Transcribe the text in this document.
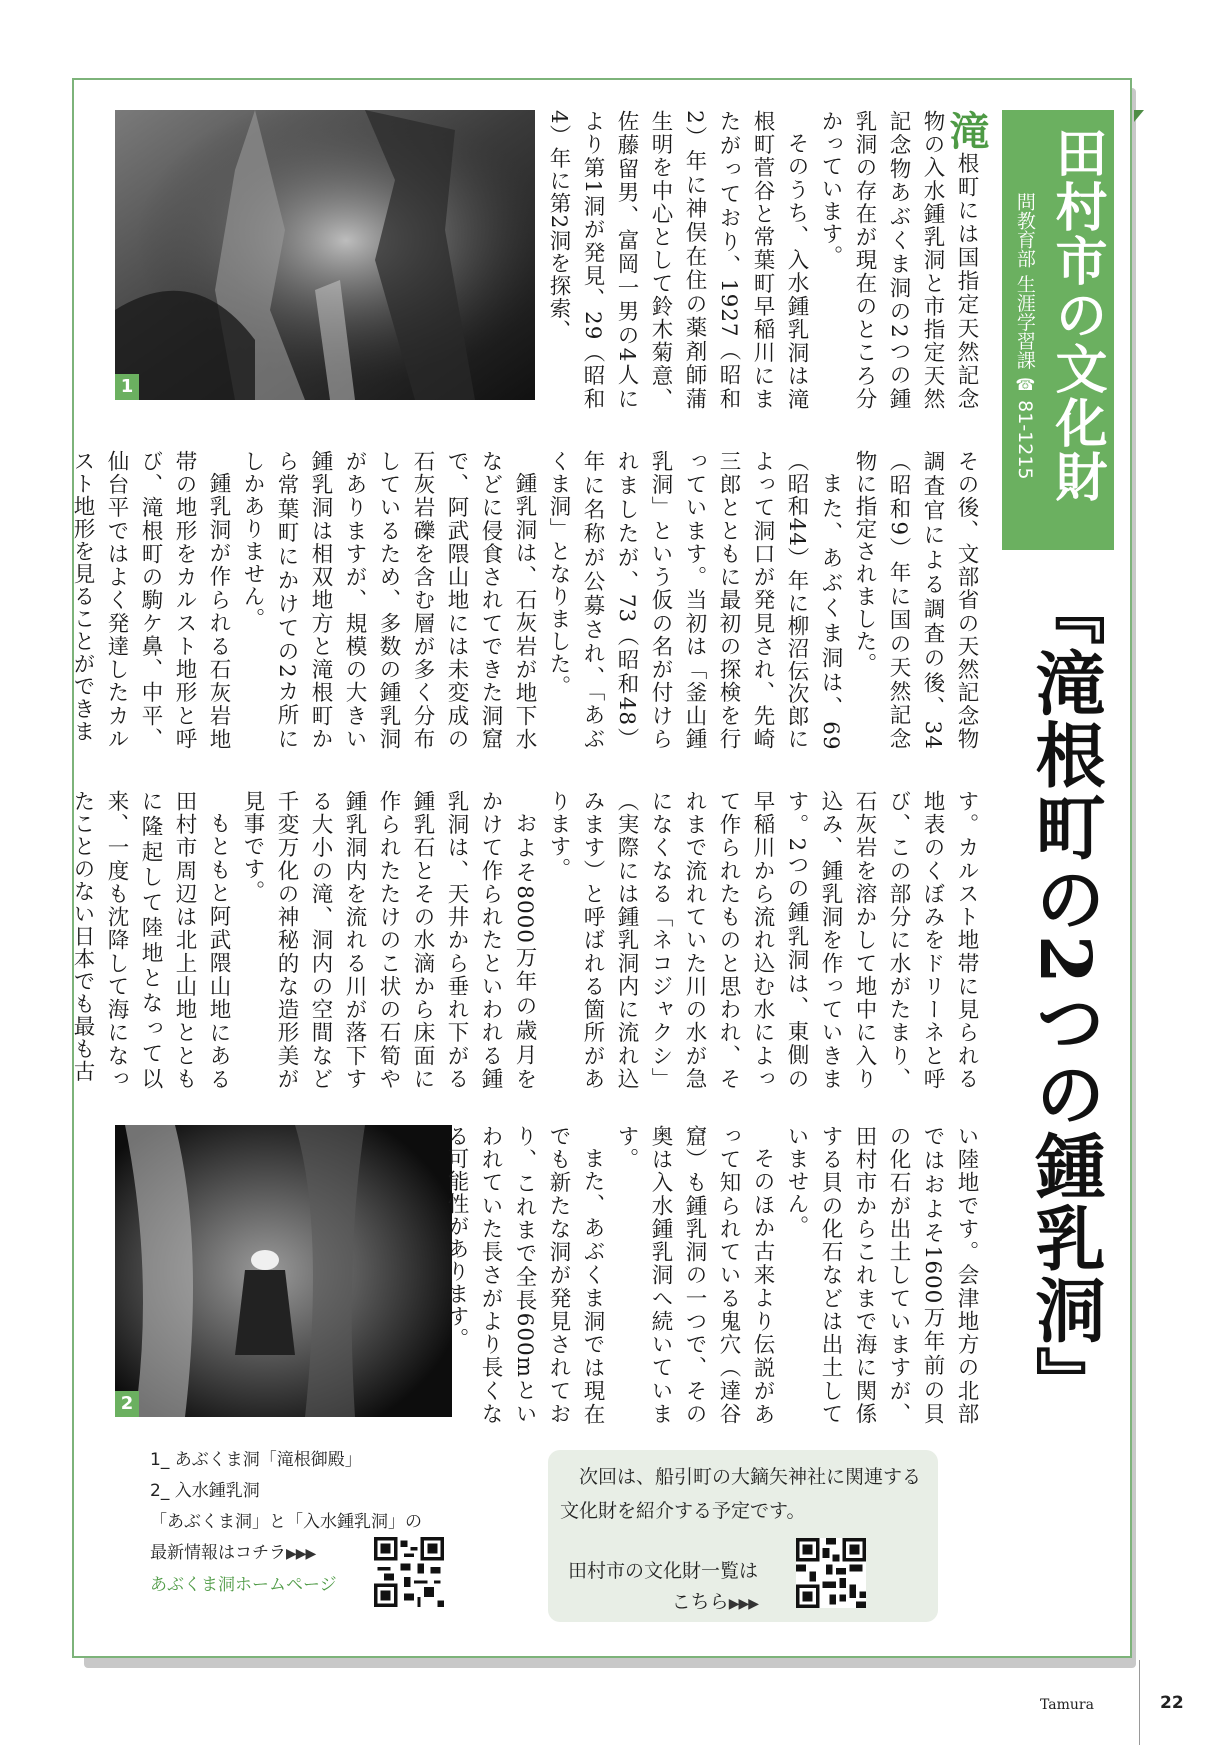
田村市の文化財
問教育部 生涯学習課 ☎ 81-1215
『滝根町の2つの鍾乳洞』
1
2

滝根町には国指定天然記念物の入水鍾乳洞と市指定天然記念物あぶくま洞の2つの鍾乳洞の存在が現在のところ分かっています。

そのうち、入水鍾乳洞は滝根町菅谷と常葉町早稲川にまたがっており、1927（昭和2）年に神俣在住の薬剤師蒲生明を中心として鈴木菊意、佐藤留男、富岡一男の4人により第1洞が発見、29（昭和4）年に第2洞を探索、

その後、文部省の天然記念物調査官による調査の後、34（昭和9）年に国の天然記念物に指定されました。

また、あぶくま洞は、69（昭和44）年に柳沼伝次郎によって洞口が発見され、先崎三郎とともに最初の探検を行っています。当初は「釜山鍾乳洞」という仮の名が付けられましたが、73（昭和48）年に名称が公募され、「あぶくま洞」となりました。

鍾乳洞は、石灰岩が地下水などに侵食されてできた洞窟で、阿武隈山地には未変成の石灰岩礫を含む層が多く分布しているため、多数の鍾乳洞がありますが、規模の大きい鍾乳洞は相双地方と滝根町から常葉町にかけての2カ所にしかありません。

鍾乳洞が作られる石灰岩地帯の地形をカルスト地形と呼び、滝根町の駒ケ鼻、中平、仙台平ではよく発達したカルスト地形を見ることができま

す。カルスト地帯に見られる地表のくぼみをドリーネと呼び、この部分に水がたまり、石灰岩を溶かして地中に入り込み、鍾乳洞を作っていきます。2つの鍾乳洞は、東側の早稲川から流れ込む水によって作られたものと思われ、それまで流れていた川の水が急になくなる「ネコジャクシ」（実際には鍾乳洞内に流れ込みます）と呼ばれる箇所があります。

およそ8000万年の歳月をかけて作られたといわれる鍾乳洞は、天井から垂れ下がる鍾乳石とその水滴から床面に作られたたけのこ状の石筍や鍾乳洞内を流れる川が落下する大小の滝、洞内の空間など千変万化の神秘的な造形美が見事です。

もともと阿武隈山地にある田村市周辺は北上山地とともに隆起して陸地となって以来、一度も沈降して海になったことのない日本でも最も古

い陸地です。会津地方の北部ではおよそ1600万年前の貝の化石が出土していますが、田村市からこれまで海に関係する貝の化石などは出土していません。

そのほか古来より伝説があって知られている鬼穴（達谷窟）も鍾乳洞の一つで、その奥は入水鍾乳洞へ続いています。

また、あぶくま洞では現在でも新たな洞が発見されており、これまで全長600mといわれていた長さがより長くなる可能性があります。

1_ あぶくま洞「滝根御殿」
2_ 入水鍾乳洞
「あぶくま洞」と「入水鍾乳洞」の
最新情報はコチラ▶▶▶
あぶくま洞ホームページ
次回は、船引町の大鏑矢神社に関連する文化財を紹介する予定です。
田村市の文化財一覧は
こちら▶▶▶
Tamura	22
